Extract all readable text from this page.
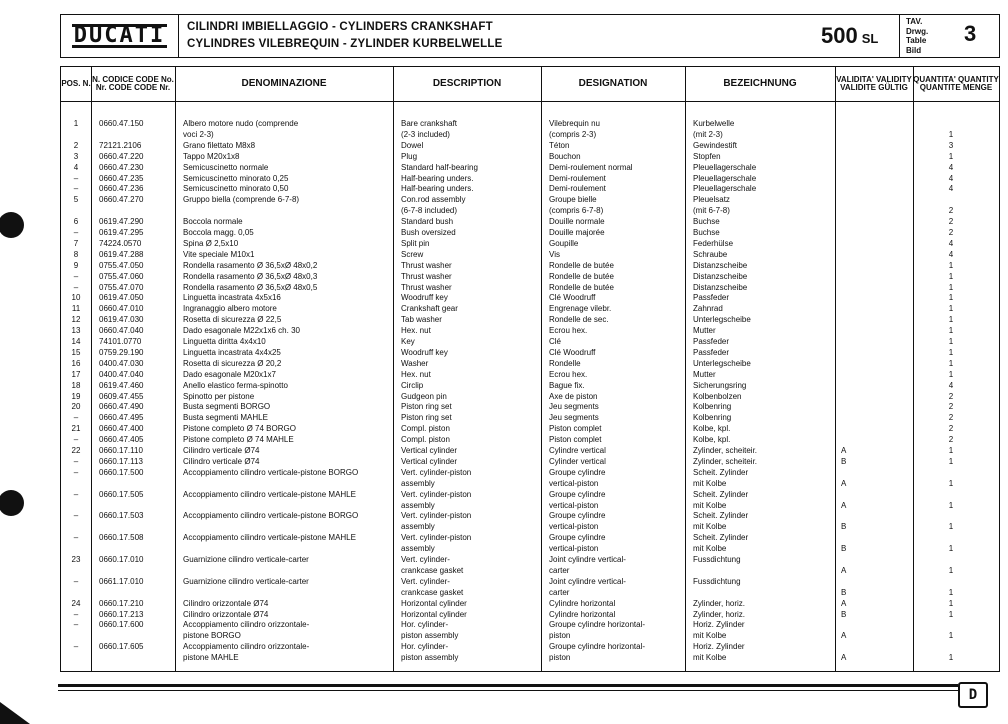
DUCATI CILINDRI IMBIELLAGGIO - CYLINDERS CRANKSHAFT
CYLINDRES VILEBREQUIN - ZYLINDER KURBELWELLE	500 SL
TAV.
Drwg.
Table
Bild
3
POS. N. N. CODICE CODE No. Nr. CODE CODE Nr.	DENOMINAZIONE	DESCRIPTION	DESIGNATION	BEZEICHNUNG	VALIDITA' VALIDITY VALIDITE GÜLTIG
QUANTITA' QUANTITY QUANTITE MENGE
1	0660.47.150	Albero motore nudo (comprende	Bare crankshaft	Vilebrequin nu	Kurbelwelle
voci 2-3)	(2-3 included)	(compris 2-3)	(mit 2-3)	1
2	72121.2106	Grano filettato M8x8	Dowel	Téton	Gewindestift	3
3	0660.47.220	Tappo M20x1x8	Plug	Bouchon	Stopfen	1
4	0660.47.230	Semicuscinetto normale	Standard half-bearing	Demi-roulement normal	Pleuellagerschale	4
–	0660.47.235	Semicuscinetto minorato 0,25	Half-bearing unders.	Demi-roulement	Pleuellagerschale	4
–	0660.47.236	Semicuscinetto minorato 0,50	Half-bearing unders.	Demi-roulement	Pleuellagerschale	4
5	0660.47.270	Gruppo biella (comprende 6-7-8)	Con.rod assembly	Groupe bielle	Pleuelsatz
(6-7-8 included)	(compris 6-7-8)	(mit 6-7-8)	2
6	0619.47.290	Boccola normale	Standard bush	Douille normale	Buchse	2
–	0619.47.295	Boccola magg. 0,05	Bush oversized	Douille majorée	Buchse	2
7	74224.0570	Spina Ø 2,5x10	Split pin	Goupille	Federhülse	4
8	0619.47.288	Vite speciale M10x1	Screw	Vis	Schraube	4
9	0755.47.050	Rondella rasamento Ø 36,5xØ 48x0,2	Thrust washer	Rondelle de butée	Distanzscheibe	1
–	0755.47.060	Rondella rasamento Ø 36,5xØ 48x0,3	Thrust washer	Rondelle de butée	Distanzscheibe	1
–	0755.47.070	Rondella rasamento Ø 36,5xØ 48x0,5	Thrust washer	Rondelle de butée	Distanzscheibe	1
10	0619.47.050	Linguetta incastrata 4x5x16	Woodruff key	Clé Woodruff	Passfeder	1
11	0660.47.010	Ingranaggio albero motore	Crankshaft gear	Engrenage vilebr.	Zahnrad	1
12	0619.47.030	Rosetta di sicurezza Ø 22,5	Tab washer	Rondelle de sec.	Unterlegscheibe	1
13	0660.47.040	Dado esagonale M22x1x6 ch. 30	Hex. nut	Ecrou hex.	Mutter	1
14	74101.0770	Linguetta diritta 4x4x10	Key	Clé	Passfeder	1
15	0759.29.190	Linguetta incastrata 4x4x25	Woodruff key	Clé Woodruff	Passfeder	1
16	0400.47.030	Rosetta di sicurezza Ø 20,2	Washer	Rondelle	Unterlegscheibe	1
17	0400.47.040	Dado esagonale M20x1x7	Hex. nut	Ecrou hex.	Mutter	1
18	0619.47.460	Anello elastico ferma-spinotto	Circlip	Bague fix.	Sicherungsring	4
19	0609.47.455	Spinotto per pistone	Gudgeon pin	Axe de piston	Kolbenbolzen	2
20	0660.47.490	Busta segmenti BORGO	Piston ring set	Jeu segments	Kolbenring	2
–	0660.47.495	Busta segmenti MAHLE	Piston ring set	Jeu segments	Kolbenring	2
21	0660.47.400	Pistone completo Ø 74 BORGO	Compl. piston	Piston complet	Kolbe, kpl.	2
–	0660.47.405	Pistone completo Ø 74 MAHLE	Compl. piston	Piston complet	Kolbe, kpl.	2
22	0660.17.110	Cilindro verticale Ø74	Vertical cylinder	Cylindre vertical	Zylinder, scheiteir.	A	1
–	0660.17.113	Cilindro verticale Ø74	Vertical cylinder	Cylinder vertical	Zylinder, scheiteir.	B	1
–	0660.17.500	Accoppiamento cilindro verticale-pistone BORGO	Vert. cylinder-piston	Groupe cylindre	Scheit. Zylinder
assembly	vertical-piston	mit Kolbe	A	1
–	0660.17.505	Accoppiamento cilindro verticale-pistone MAHLE	Vert. cylinder-piston	Groupe cylindre	Scheit. Zylinder
assembly	vertical-piston	mit Kolbe	A	1
–	0660.17.503	Accoppiamento cilindro verticale-pistone BORGO	Vert. cylinder-piston	Groupe cylindre	Scheit. Zylinder
assembly	vertical-piston	mit Kolbe	B	1
–	0660.17.508	Accoppiamento cilindro verticale-pistone MAHLE	Vert. cylinder-piston	Groupe cylindre	Scheit. Zylinder
assembly	vertical-piston	mit Kolbe	B	1
23	0660.17.010	Guarnizione cilindro verticale-carter	Vert. cylinder-	Joint cylindre vertical-	Fussdichtung
crankcase gasket	carter	A	1
–	0661.17.010	Guarnizione cilindro verticale-carter	Vert. cylinder-	Joint cylindre vertical-	Fussdichtung
crankcase gasket	carter	B	1
24	0660.17.210	Cilindro orizzontale Ø74	Horizontal cylinder	Cylindre horizontal	Zylinder, horiz.	A	1
–	0660.17.213	Cilindro orizzontale Ø74	Horizontal cylinder	Cylindre horizontal	Zylinder, horiz.	B	1
–	0660.17.600	Accoppiamento cilindro orizzontale-	Hor. cylinder-	Groupe cylindre horizontal-	Horiz. Zylinder
pistone BORGO	piston assembly	piston	mit Kolbe	A	1
–	0660.17.605	Accoppiamento cilindro orizzontale-	Hor. cylinder-	Groupe cylindre horizontal-	Horiz. Zylinder
pistone MAHLE	piston assembly	piston	mit Kolbe	A	1
D
